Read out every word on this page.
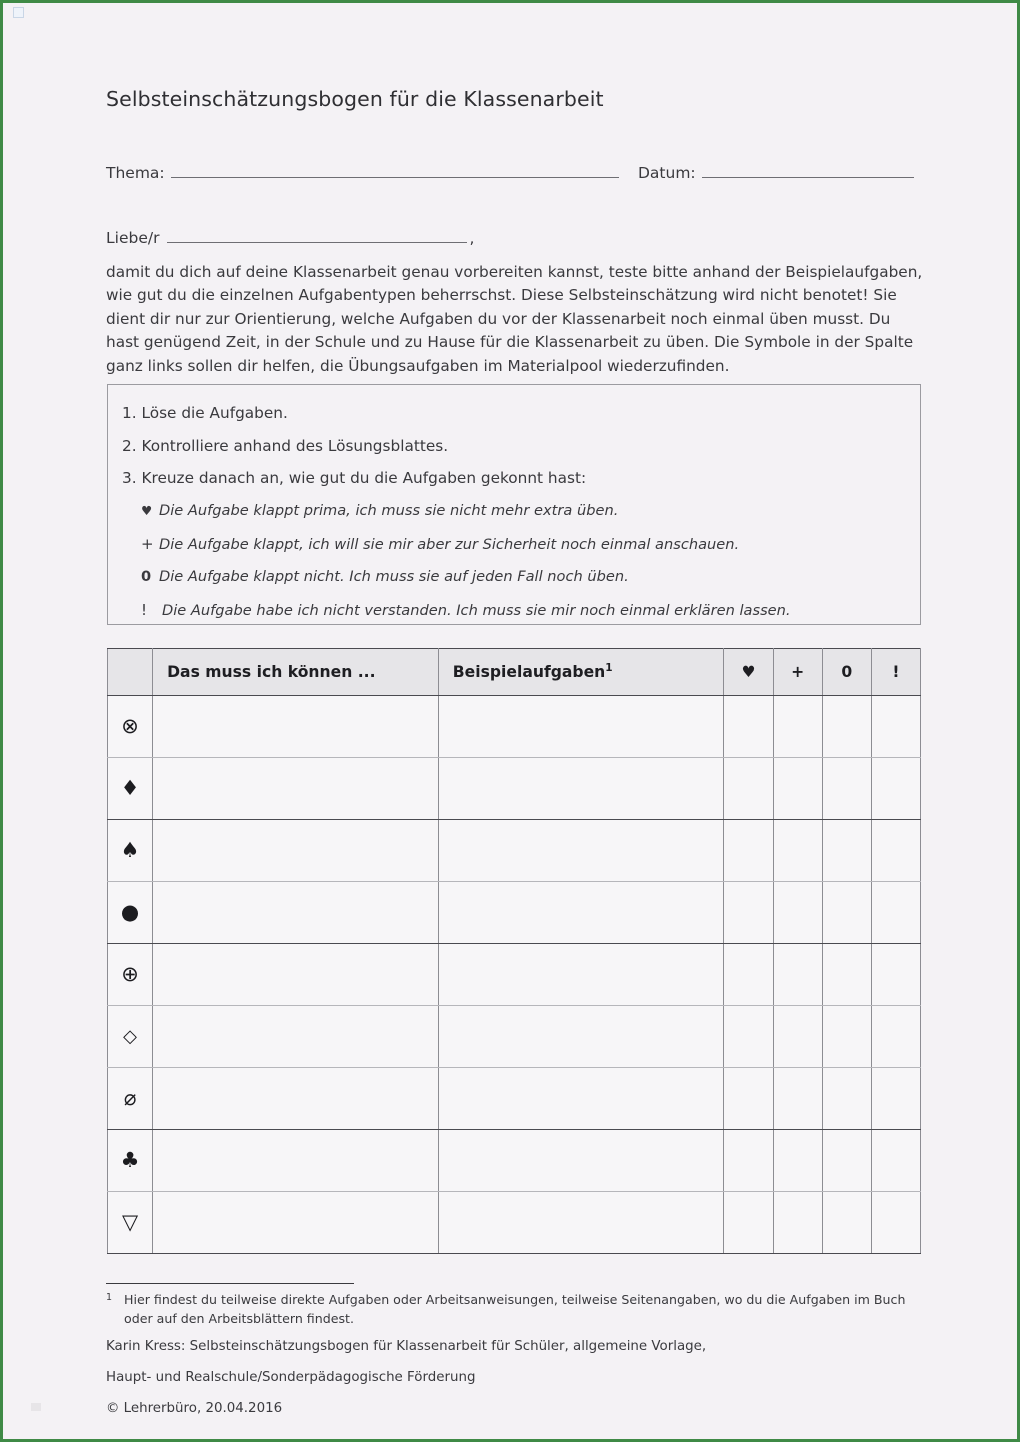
Selbsteinschätzungsbogen für die Klassenarbeit
Thema:	Datum:
Liebe/r	,
damit du dich auf deine Klassenarbeit genau vorbereiten kannst, teste bitte anhand der Beispielaufgaben, wie gut du die einzelnen Aufgabentypen beherrschst. Diese Selbsteinschätzung wird nicht benotet! Sie dient dir nur zur Orientierung, welche Aufgaben du vor der Klassenarbeit noch einmal üben musst. Du hast genügend Zeit, in der Schule und zu Hause für die Klassenarbeit zu üben. Die Symbole in der Spalte ganz links sollen dir helfen, die Übungsaufgaben im Materialpool wiederzufinden.
1. Löse die Aufgaben.
2. Kontrolliere anhand des Lösungsblattes.
3. Kreuze danach an, wie gut du die Aufgaben gekonnt hast:
♥ Die Aufgabe klappt prima, ich muss sie nicht mehr extra üben.
+ Die Aufgabe klappt, ich will sie mir aber zur Sicherheit noch einmal anschauen.
0 Die Aufgabe klappt nicht. Ich muss sie auf jeden Fall noch üben.
! Die Aufgabe habe ich nicht verstanden. Ich muss sie mir noch einmal erklären lassen.
	Das muss ich können ...	Beispielaufgaben$^1$	♥	+	0	!
⊗						
♦						
♠						
●						
⊕						
◇						
⌀						
♣						
▽						
1 Hier findest du teilweise direkte Aufgaben oder Arbeitsanweisungen, teilweise Seitenangaben, wo du die Aufgaben im Buch oder auf den Arbeitsblättern findest.
Karin Kress: Selbsteinschätzungsbogen für Klassenarbeit für Schüler, allgemeine Vorlage,
Haupt- und Realschule/Sonderpädagogische Förderung
© Lehrerbüro, 20.04.2016
